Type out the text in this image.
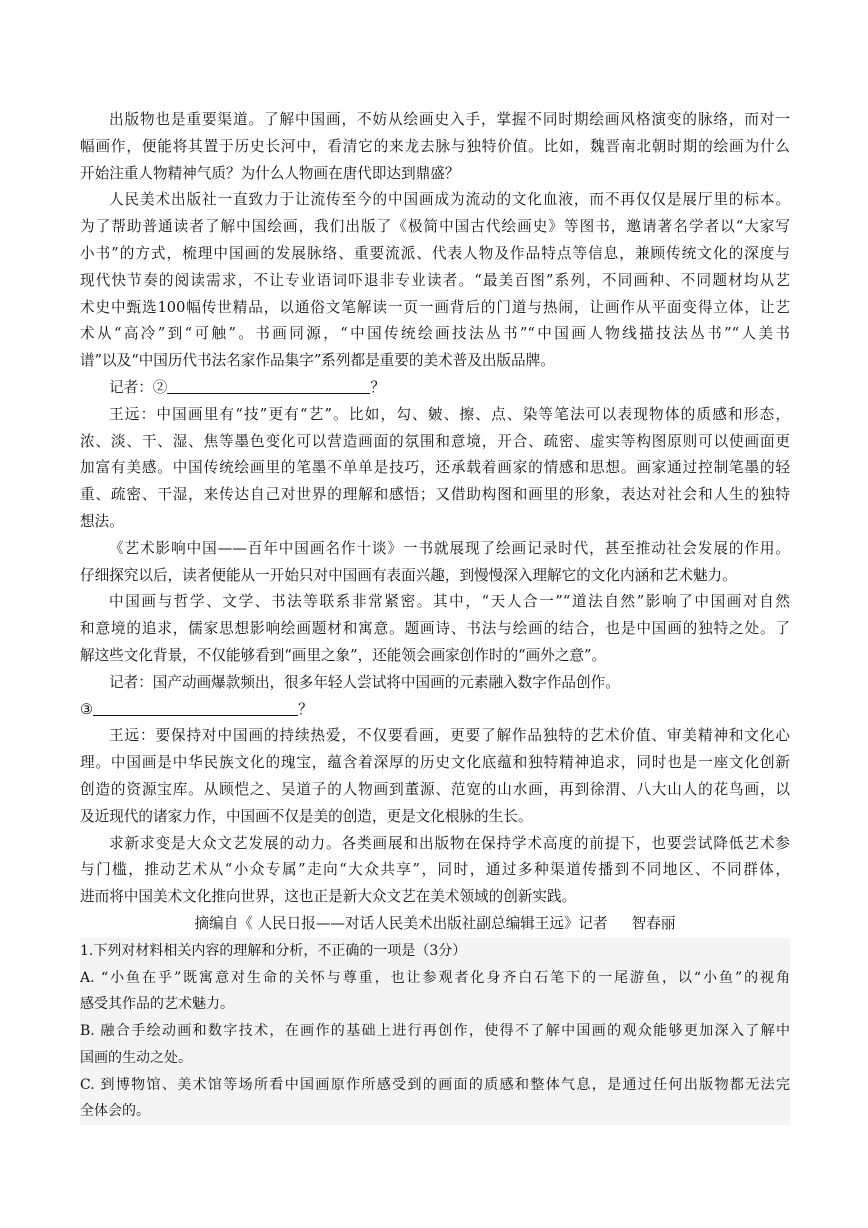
出版物也是重要渠道。了解中国画，不妨从绘画史入手，掌握不同时期绘画风格演变的脉络，而对一
幅画作，便能将其置于历史长河中，看清它的来龙去脉与独特价值。比如，魏晋南北朝时期的绘画为什么
开始注重人物精神气质？为什么人物画在唐代即达到鼎盛？
人民美术出版社一直致力于让流传至今的中国画成为流动的文化血液，而不再仅仅是展厅里的标本。
为了帮助普通读者了解中国绘画，我们出版了《极简中国古代绘画史》等图书，邀请著名学者以“大家写
小书”的方式，梳理中国画的发展脉络、重要流派、代表人物及作品特点等信息，兼顾传统文化的深度与
现代快节奏的阅读需求，不让专业语词吓退非专业读者。“最美百图”系列，不同画种、不同题材均从艺
术史中甄选100幅传世精品，以通俗文笔解读一页一画背后的门道与热闹，让画作从平面变得立体，让艺
术从“高冷”到“可触”。书画同源，“中国传统绘画技法丛书”“中国画人物线描技法丛书”“人美书
谱”以及“中国历代书法名家作品集字”系列都是重要的美术普及出版品牌。
记者：②	？
王远：中国画里有“技”更有“艺”。比如，勾、皴、擦、点、染等笔法可以表现物体的质感和形态，
浓、淡、干、湿、焦等墨色变化可以营造画面的氛围和意境，开合、疏密、虚实等构图原则可以使画面更
加富有美感。中国传统绘画里的笔墨不单单是技巧，还承载着画家的情感和思想。画家通过控制笔墨的轻
重、疏密、干湿，来传达自己对世界的理解和感悟；又借助构图和画里的形象，表达对社会和人生的独特
想法。
《艺术影响中国——百年中国画名作十谈》一书就展现了绘画记录时代，甚至推动社会发展的作用。
仔细探究以后，读者便能从一开始只对中国画有表面兴趣，到慢慢深入理解它的文化内涵和艺术魅力。
中国画与哲学、文学、书法等联系非常紧密。其中，“天人合一”“道法自然”影响了中国画对自然
和意境的追求，儒家思想影响绘画题材和寓意。题画诗、书法与绘画的结合，也是中国画的独特之处。了
解这些文化背景，不仅能够看到“画里之象”，还能领会画家创作时的“画外之意”。
记者：国产动画爆款频出，很多年轻人尝试将中国画的元素融入数字作品创作。
③	？
王远：要保持对中国画的持续热爱，不仅要看画，更要了解作品独特的艺术价值、审美精神和文化心
理。中国画是中华民族文化的瑰宝，蕴含着深厚的历史文化底蕴和独特精神追求，同时也是一座文化创新
创造的资源宝库。从顾恺之、吴道子的人物画到董源、范宽的山水画，再到徐渭、八大山人的花鸟画，以
及近现代的诸家力作，中国画不仅是美的创造，更是文化根脉的生长。
求新求变是大众文艺发展的动力。各类画展和出版物在保持学术高度的前提下，也要尝试降低艺术参
与门槛，推动艺术从“小众专属”走向“大众共享”，同时，通过多种渠道传播到不同地区、不同群体，
进而将中国美术文化推向世界，这也正是新大众文艺在美术领域的创新实践。
摘编自《 人民日报——对话人民美术出版社副总编辑王远》记者 智春丽
1.下列对材料相关内容的理解和分析，不正确的一项是（3分）
A. “小鱼在乎”既寓意对生命的关怀与尊重，也让参观者化身齐白石笔下的一尾游鱼，以“小鱼”的视角
感受其作品的艺术魅力。
B. 融合手绘动画和数字技术，在画作的基础上进行再创作，使得不了解中国画的观众能够更加深入了解中
国画的生动之处。
C. 到博物馆、美术馆等场所看中国画原作所感受到的画面的质感和整体气息，是通过任何出版物都无法完
全体会的。
